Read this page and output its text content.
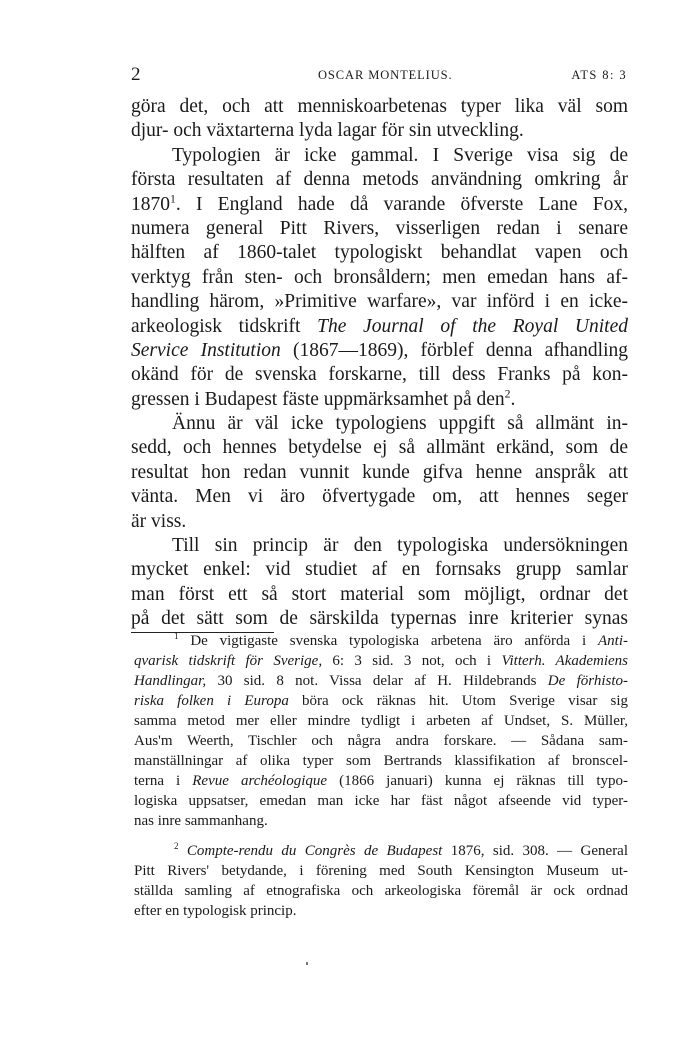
2	OSCAR MONTELIUS.	ATS 8: 3
göra det, och att menniskoarbetenas typer lika väl som
djur- och växtarterna lyda lagar för sin utveckling.
Typologien är icke gammal. I Sverige visa sig de
första resultaten af denna metods användning omkring år
1870$^1$. I England hade då varande öfverste Lane Fox,
numera general Pitt Rivers, visserligen redan i senare
hälften af 1860-talet typologiskt behandlat vapen och
verktyg från sten- och bronsåldern; men emedan hans af-
handling härom, »Primitive warfare», var införd i en icke-
arkeologisk tidskrift The Journal of the Royal United
Service Institution (1867—1869), förblef denna afhandling
okänd för de svenska forskarne, till dess Franks på kon-
gressen i Budapest fäste uppmärksamhet på den$^2$.
Ännu är väl icke typologiens uppgift så allmänt in-
sedd, och hennes betydelse ej så allmänt erkänd, som de
resultat hon redan vunnit kunde gifva henne anspråk att
vänta. Men vi äro öfvertygade om, att hennes seger
är viss.
Till sin princip är den typologiska undersökningen
mycket enkel: vid studiet af en fornsaks grupp samlar
man först ett så stort material som möjligt, ordnar det
på det sätt som de särskilda typernas inre kriterier synas
$^1$ De vigtigaste svenska typologiska arbetena äro anförda i Anti-
qvarisk tidskrift för Sverige, 6: 3 sid. 3 not, och i Vitterh. Akademiens
Handlingar, 30 sid. 8 not. Vissa delar af H. Hildebrands De förhisto-
riska folken i Europa böra ock räknas hit. Utom Sverige visar sig
samma metod mer eller mindre tydligt i arbeten af Undset, S. Müller,
Aus'm Weerth, Tischler och några andra forskare. — Sådana sam-
manställningar af olika typer som Bertrands klassifikation af bronscel-
terna i Revue archéologique (1866 januari) kunna ej räknas till typo-
logiska uppsatser, emedan man icke har fäst något afseende vid typer-
nas inre sammanhang.
$^2$ Compte-rendu du Congrès de Budapest 1876, sid. 308. — General
Pitt Rivers' betydande, i förening med South Kensington Museum ut-
ställda samling af etnografiska och arkeologiska föremål är ock ordnad
efter en typologisk princip.
